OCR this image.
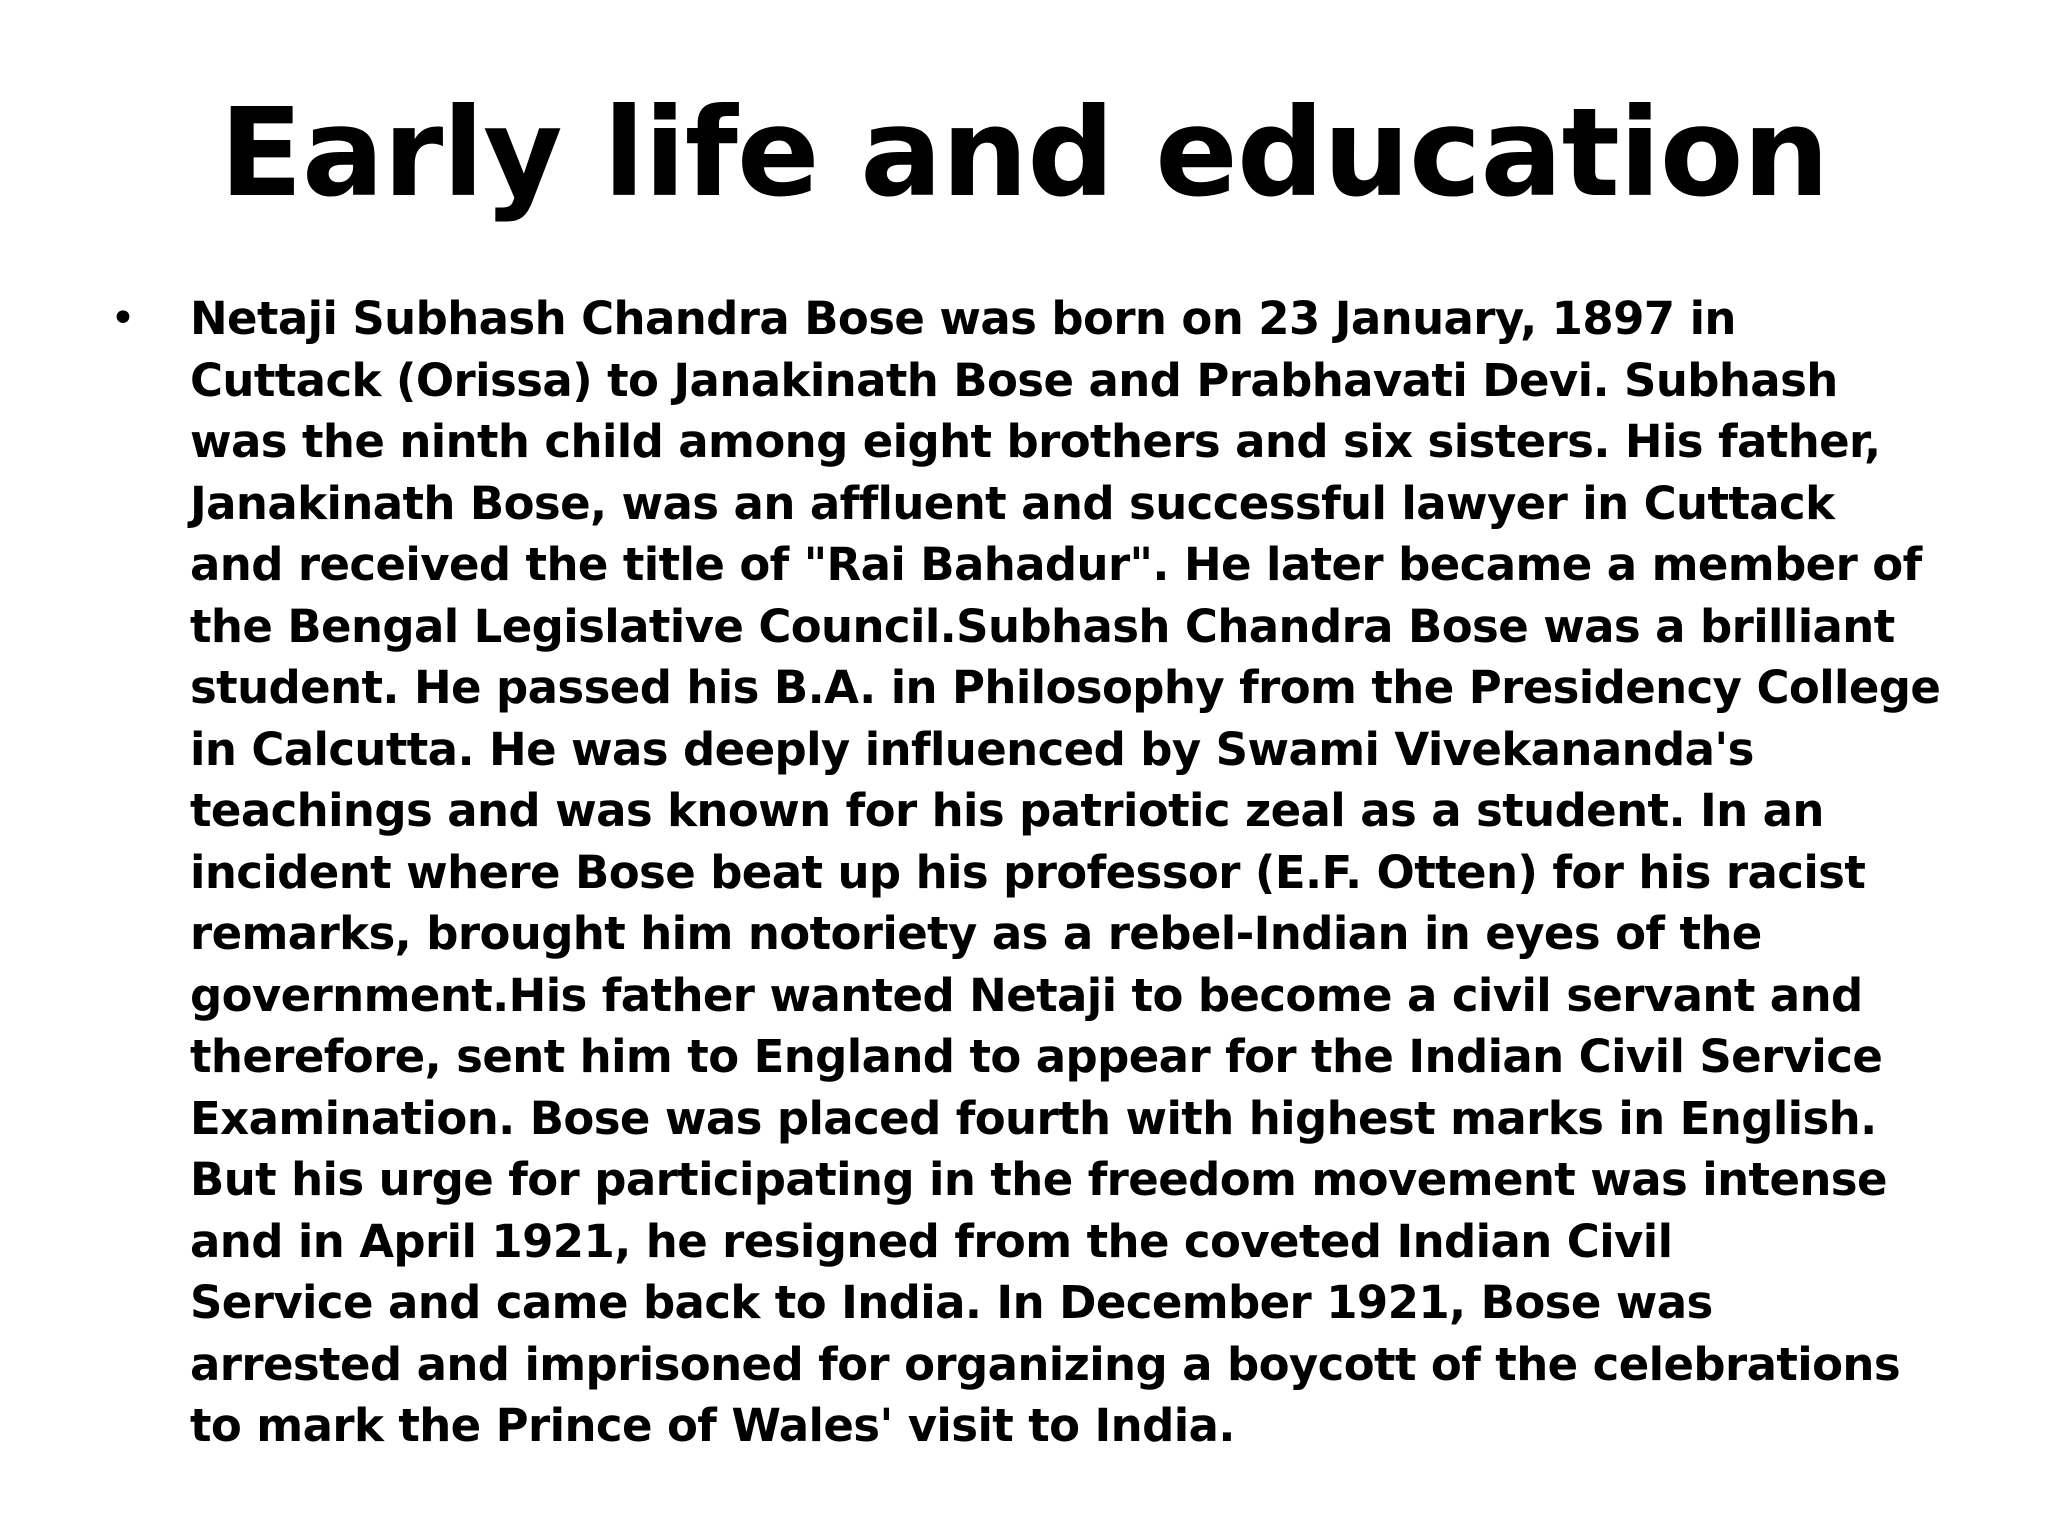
Early life and education
• Netaji Subhash Chandra Bose was born on 23 January, 1897 in
Cuttack (Orissa) to Janakinath Bose and Prabhavati Devi. Subhash
was the ninth child among eight brothers and six sisters. His father,
Janakinath Bose, was an affluent and successful lawyer in Cuttack
and received the title of "Rai Bahadur". He later became a member of
the Bengal Legislative Council.Subhash Chandra Bose was a brilliant
student. He passed his B.A. in Philosophy from the Presidency College
in Calcutta. He was deeply influenced by Swami Vivekananda's
teachings and was known for his patriotic zeal as a student. In an
incident where Bose beat up his professor (E.F. Otten) for his racist
remarks, brought him notoriety as a rebel-Indian in eyes of the
government.His father wanted Netaji to become a civil servant and
therefore, sent him to England to appear for the Indian Civil Service
Examination. Bose was placed fourth with highest marks in English.
But his urge for participating in the freedom movement was intense
and in April 1921, he resigned from the coveted Indian Civil
Service and came back to India. In December 1921, Bose was
arrested and imprisoned for organizing a boycott of the celebrations
to mark the Prince of Wales' visit to India.
